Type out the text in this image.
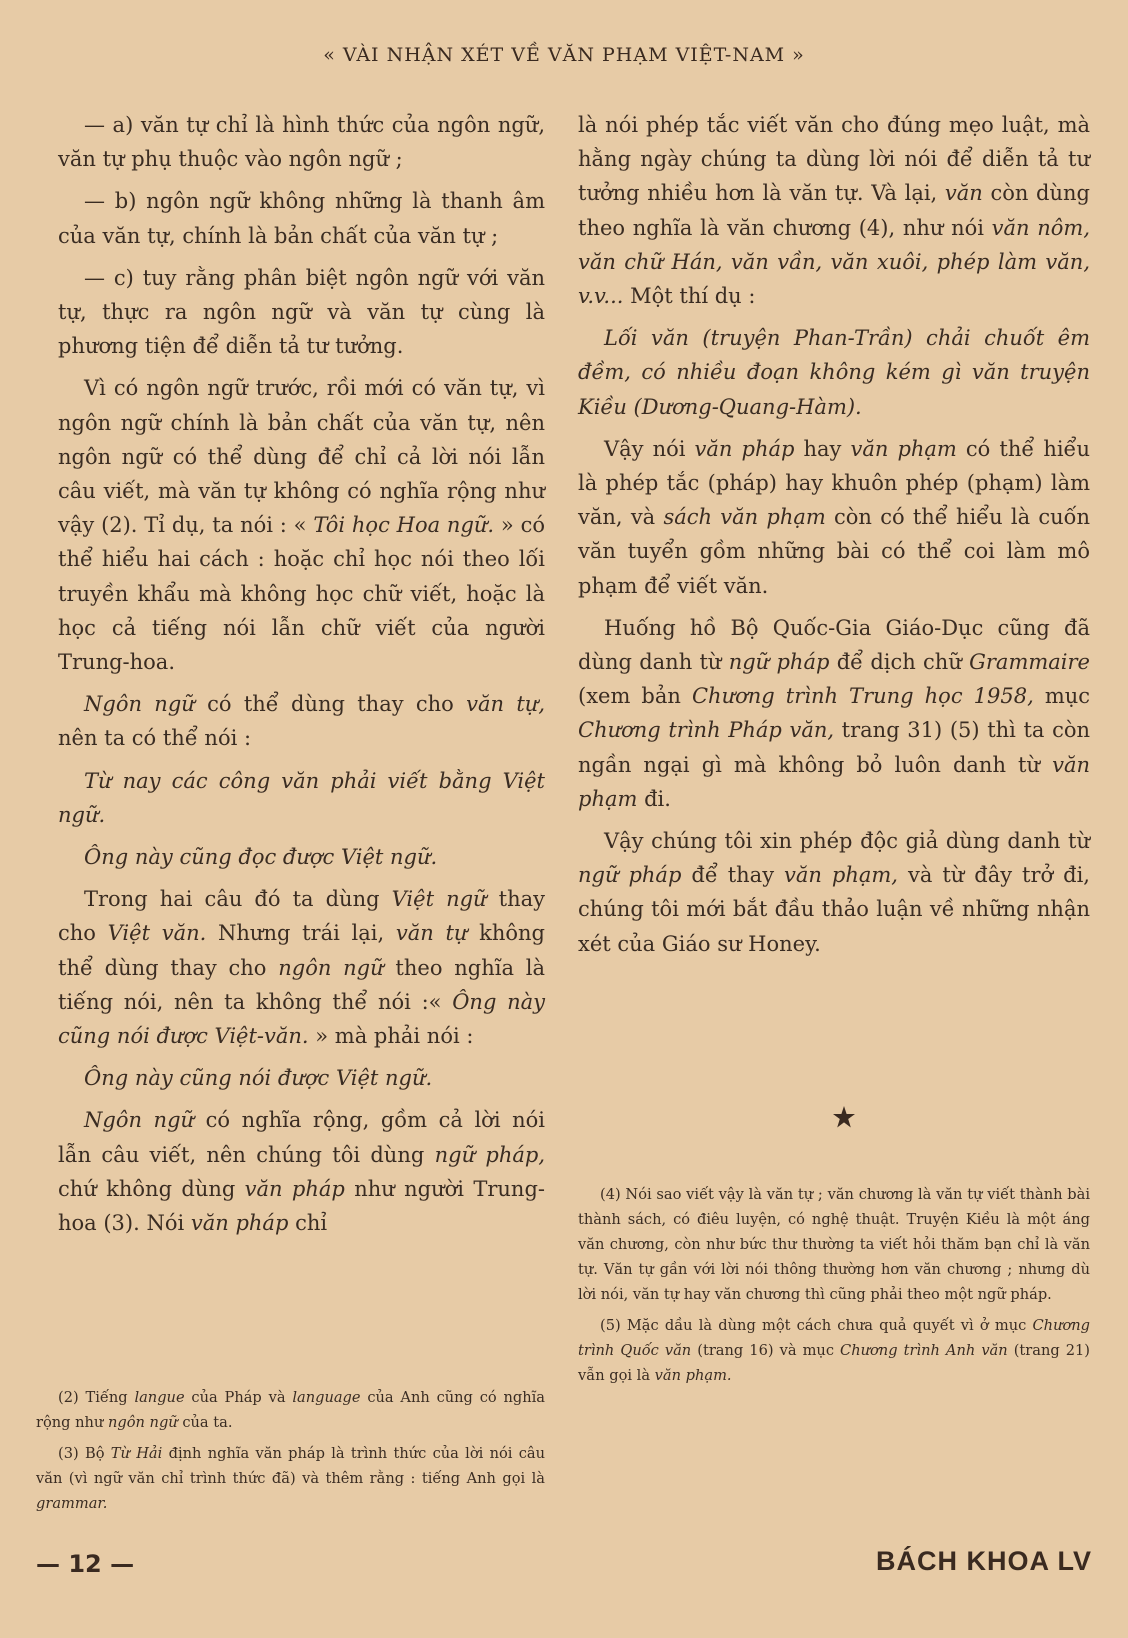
« VÀI NHẬN XÉT VỀ VĂN PHẠM VIỆT-NAM »

— a) văn tự chỉ là hình thức của ngôn ngữ, văn tự phụ thuộc vào ngôn ngữ ;

— b) ngôn ngữ không những là thanh âm của văn tự, chính là bản chất của văn tự ;

— c) tuy rằng phân biệt ngôn ngữ với văn tự, thực ra ngôn ngữ và văn tự cùng là phương tiện để diễn tả tư tưởng.

Vì có ngôn ngữ trước, rồi mới có văn tự, vì ngôn ngữ chính là bản chất của văn tự, nên ngôn ngữ có thể dùng để chỉ cả lời nói lẫn câu viết, mà văn tự không có nghĩa rộng như vậy (2). Tỉ dụ, ta nói : « Tôi học Hoa ngữ. » có thể hiểu hai cách : hoặc chỉ học nói theo lối truyền khẩu mà không học chữ viết, hoặc là học cả tiếng nói lẫn chữ viết của người Trung-hoa.

Ngôn ngữ có thể dùng thay cho văn tự, nên ta có thể nói :

Từ nay các công văn phải viết bằng Việt ngữ.

Ông này cũng đọc được Việt ngữ.

Trong hai câu đó ta dùng Việt ngữ thay cho Việt văn. Nhưng trái lại, văn tự không thể dùng thay cho ngôn ngữ theo nghĩa là tiếng nói, nên ta không thể nói :« Ông này cũng nói được Việt-văn. » mà phải nói :

Ông này cũng nói được Việt ngữ.

Ngôn ngữ có nghĩa rộng, gồm cả lời nói lẫn câu viết, nên chúng tôi dùng ngữ pháp, chứ không dùng văn pháp như người Trung-hoa (3). Nói văn pháp chỉ

(2) Tiếng langue của Pháp và language của Anh cũng có nghĩa rộng như ngôn ngữ của ta.

(3) Bộ Từ Hải định nghĩa văn pháp là trình thức của lời nói câu văn (vì ngữ văn chỉ trình thức đã) và thêm rằng : tiếng Anh gọi là grammar.

là nói phép tắc viết văn cho đúng mẹo luật, mà hằng ngày chúng ta dùng lời nói để diễn tả tư tưởng nhiều hơn là văn tự. Và lại, văn còn dùng theo nghĩa là văn chương (4), như nói văn nôm, văn chữ Hán, văn vần, văn xuôi, phép làm văn, v.v... Một thí dụ :

Lối văn (truyện Phan-Trần) chải chuốt êm đềm, có nhiều đoạn không kém gì văn truyện Kiều (Dương-Quang-Hàm).

Vậy nói văn pháp hay văn phạm có thể hiểu là phép tắc (pháp) hay khuôn phép (phạm) làm văn, và sách văn phạm còn có thể hiểu là cuốn văn tuyển gồm những bài có thể coi làm mô phạm để viết văn.

Huống hồ Bộ Quốc-Gia Giáo-Dục cũng đã dùng danh từ ngữ pháp để dịch chữ Grammaire (xem bản Chương trình Trung học 1958, mục Chương trình Pháp văn, trang 31) (5) thì ta còn ngần ngại gì mà không bỏ luôn danh từ văn phạm đi.

Vậy chúng tôi xin phép độc giả dùng danh từ ngữ pháp để thay văn phạm, và từ đây trở đi, chúng tôi mới bắt đầu thảo luận về những nhận xét của Giáo sư Honey.

(4) Nói sao viết vậy là văn tự ; văn chương là văn tự viết thành bài thành sách, có điêu luyện, có nghệ thuật. Truyện Kiều là một áng văn chương, còn như bức thư thường ta viết hỏi thăm bạn chỉ là văn tự. Văn tự gần với lời nói thông thường hơn văn chương ; nhưng dù lời nói, văn tự hay văn chương thì cũng phải theo một ngữ pháp.

(5) Mặc dầu là dùng một cách chưa quả quyết vì ở mục Chương trình Quốc văn (trang 16) và mục Chương trình Anh văn (trang 21) vẫn gọi là văn phạm.

— 12 —	BÁCH KHOA LV
